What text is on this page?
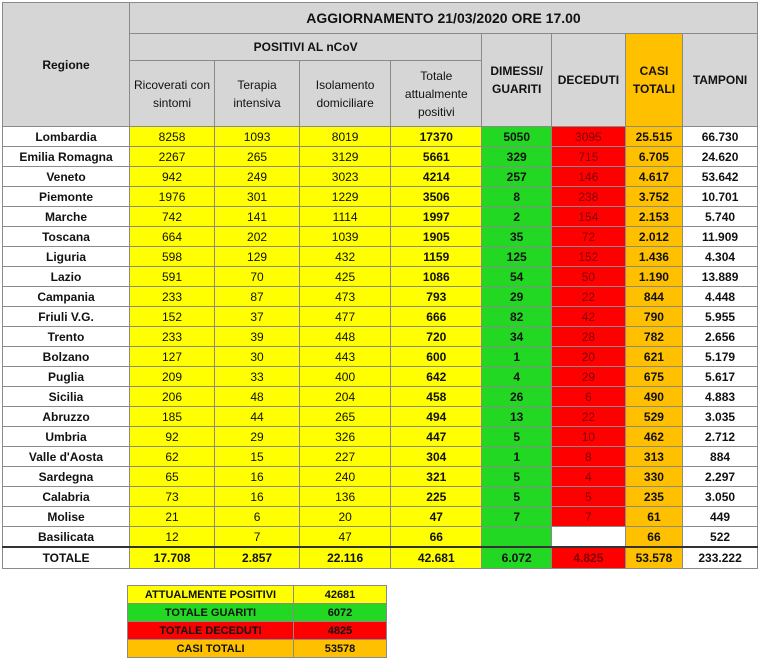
Regione	AGGIORNAMENTO 21/03/2020 ORE 17.00							
	POSITIVI AL nCoV				DIMESSI/ GUARITI	DECEDUTI	CASI TOTALI	TAMPONI
	Ricoverati con sintomi	Terapia intensiva	Isolamento domiciliare	Totale attualmente positivi				
Lombardia	8258	1093	8019	17370	5050	3095	25.515	66.730
Emilia Romagna	2267	265	3129	5661	329	715	6.705	24.620
Veneto	942	249	3023	4214	257	146	4.617	53.642
Piemonte	1976	301	1229	3506	8	238	3.752	10.701
Marche	742	141	1114	1997	2	154	2.153	5.740
Toscana	664	202	1039	1905	35	72	2.012	11.909
Liguria	598	129	432	1159	125	152	1.436	4.304
Lazio	591	70	425	1086	54	50	1.190	13.889
Campania	233	87	473	793	29	22	844	4.448
Friuli V.G.	152	37	477	666	82	42	790	5.955
Trento	233	39	448	720	34	28	782	2.656
Bolzano	127	30	443	600	1	20	621	5.179
Puglia	209	33	400	642	4	29	675	5.617
Sicilia	206	48	204	458	26	6	490	4.883
Abruzzo	185	44	265	494	13	22	529	3.035
Umbria	92	29	326	447	5	10	462	2.712
Valle d'Aosta	62	15	227	304	1	8	313	884
Sardegna	65	16	240	321	5	4	330	2.297
Calabria	73	16	136	225	5	5	235	3.050
Molise	21	6	20	47	7	7	61	449
Basilicata	12	7	47	66			66	522
TOTALE	17.708	2.857	22.116	42.681	6.072	4.825	53.578	233.222
ATTUALMENTE POSITIVI	42681
TOTALE GUARITI	6072
TOTALE DECEDUTI	4825
CASI TOTALI	53578
